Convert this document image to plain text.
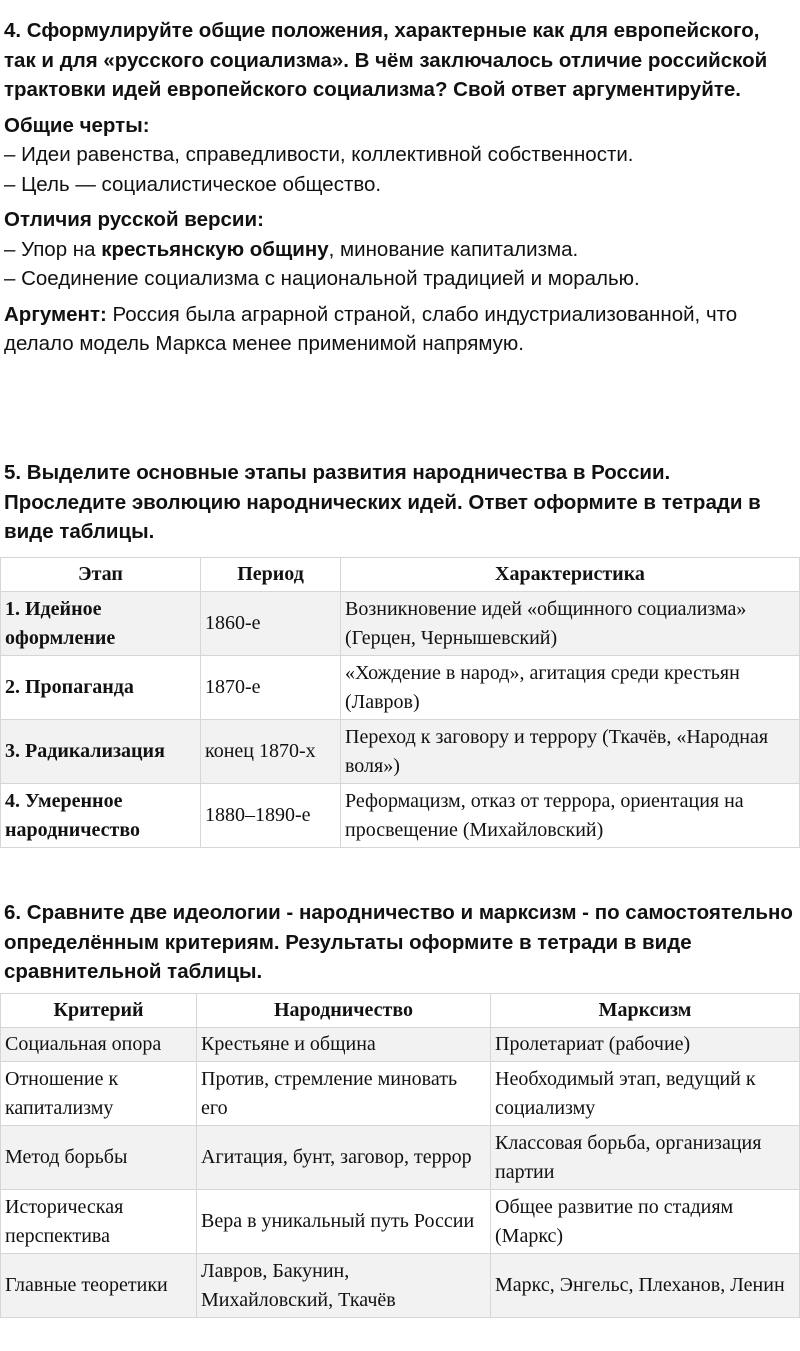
4. Сформулируйте общие положения, характерные как для европейского, так и для «русского социализма». В чём заключалось отличие российской трактовки идей европейского социализма? Свой ответ аргументируйте.

Общие черты:

– Идеи равенства, справедливости, коллективной собственности.

– Цель — социалистическое общество.

Отличия русской версии:

– Упор на крестьянскую общину, минование капитализма.

– Соединение социализма с национальной традицией и моралью.

Аргумент: Россия была аграрной страной, слабо индустриализованной, что делало модель Маркса менее применимой напрямую.

5. Выделите основные этапы развития народничества в России. Проследите эволюцию народнических идей. Ответ оформите в тетради в виде таблицы.
Этап	Период	Характеристика
1. Идейное оформление	1860-е	Возникновение идей «общинного социализма» (Герцен, Чернышевский)
2. Пропаганда	1870-е	«Хождение в народ», агитация среди крестьян (Лавров)
3. Радикализация	конец 1870-х	Переход к заговору и террору (Ткачёв, «Народная воля»)
4. Умеренное народничество	1880–1890-е	Реформацизм, отказ от террора, ориентация на просвещение (Михайловский)
6. Сравните две идеологии - народничество и марксизм - по самостоятельно определённым критериям. Результаты оформите в тетради в виде сравнительной таблицы.
Критерий	Народничество	Марксизм
Социальная опора	Крестьяне и община	Пролетариат (рабочие)
Отношение к капитализму	Против, стремление миновать его	Необходимый этап, ведущий к социализму
Метод борьбы	Агитация, бунт, заговор, террор	Классовая борьба, организация партии
Историческая перспектива	Вера в уникальный путь России	Общее развитие по стадиям (Маркс)
Главные теоретики	Лавров, Бакунин, Михайловский, Ткачёв	Маркс, Энгельс, Плеханов, Ленин
